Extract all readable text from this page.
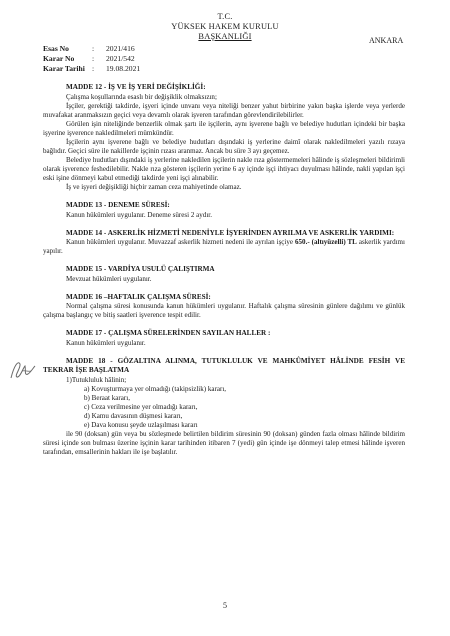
T.C.
YÜKSEK HAKEM KURULU
BAŞKANLIĞI	ANKARA
Esas No	: 2021/416
Karar No : 2021/542
Karar Tarihi : 19.08.2021
MADDE 12 - İŞ VE İŞ YERİ DEĞİŞİKLİĞİ:
Çalışma koşullarında esaslı bir değişiklik olmaksızın;
İşçiler, gerektiği takdirde, işyeri içinde unvanı veya niteliği benzer yahut birbirine yakın başka işlerde veya yerlerde muvafakat aranmaksızın geçici veya devamlı olarak işveren tarafından görevlendirilebilirler.
Görülen işin niteliğinde benzerlik olmak şartı ile işçilerin, aynı işverene bağlı ve belediye hudutları içindeki bir başka işyerine işverence nakledilmeleri mümkündür.
İşçilerin aynı işverene bağlı ve belediye hudutları dışındaki iş yerlerine daimî olarak nakledilmeleri yazılı rızaya bağlıdır. Geçici süre ile nakillerde işçinin rızası aranmaz. Ancak bu süre 3 ayı geçemez.
Belediye hudutları dışındaki iş yerlerine nakledilen işçilerin nakle rıza göstermemeleri hâlinde iş sözleşmeleri bildirimli olarak işverence feshedilebilir. Nakle rıza gösteren işçilerin yerine 6 ay içinde işçi ihtiyacı duyulması hâlinde, nakli yapılan işçi eski işine dönmeyi kabul etmediği takdirde yeni işçi alınabilir.
İş ve işyeri değişikliği hiçbir zaman ceza mahiyetinde olamaz.
MADDE 13 - DENEME SÜRESİ:
Kanun hükümleri uygulanır. Deneme süresi 2 aydır.
MADDE 14 - ASKERLİK HİZMETİ NEDENİYLE İŞYERİNDEN AYRILMA VE ASKERLİK YARDIMI:
Kanun hükümleri uygulanır. Muvazzaf askerlik hizmeti nedeni ile ayrılan işçiye 650.- (altıyüzelli) TL askerlik yardımı yapılır.
MADDE 15 - VARDİYA USULÜ ÇALIŞTIRMA
Mevzuat hükümleri uygulanır.
MADDE 16 –HAFTALIK ÇALIŞMA SÜRESİ:
Normal çalışma süresi konusunda kanun hükümleri uygulanır. Haftalık çalışma süresinin günlere dağılımı ve günlük çalışma başlangıç ve bitiş saatleri işverence tespit edilir.
MADDE 17 - ÇALIŞMA SÜRELERİNDEN SAYILAN HALLER :
Kanun hükümleri uygulanır.
MADDE 18 - GÖZALTINA ALINMA, TUTUKLULUK VE MAHKÛMİYET HÂLİNDE FESİH VE TEKRAR İŞE BAŞLATMA
1)Tutukluluk hâlinin;
a) Kovuşturmaya yer olmadığı (takipsizlik) kararı,
b) Beraat kararı,
c) Ceza verilmesine yer olmadığı kararı,
d) Kamu davasının düşmesi kararı,
e) Dava konusu şeyde uzlaşılması kararı
ile 90 (doksan) gün veya bu sözleşmede belirtilen bildirim süresinin 90 (doksan) günden fazla olması hâlinde bildirim süresi içinde son bulması üzerine işçinin karar tarihinden itibaren 7 (yedi) gün içinde işe dönmeyi talep etmesi hâlinde işveren tarafından, emsallerinin hakları ile işe başlatılır.
5
